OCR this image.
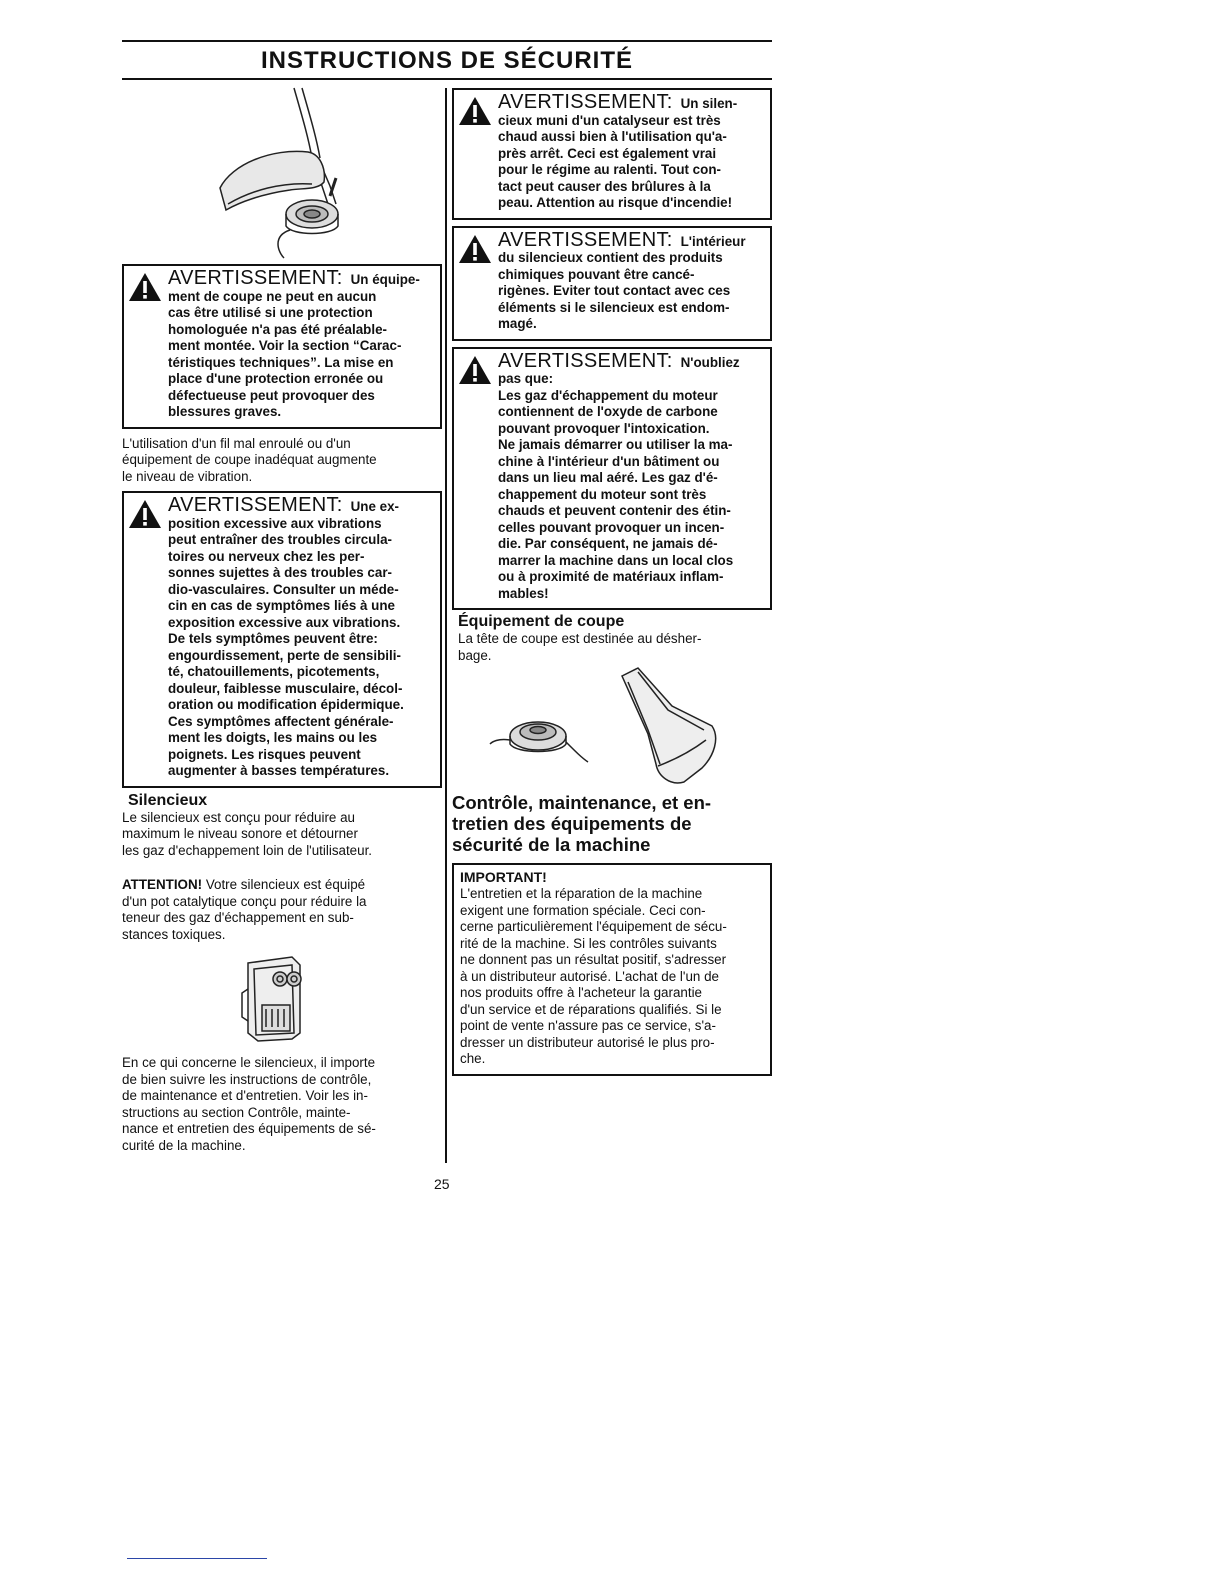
INSTRUCTIONS DE SÉCURITÉ

AVERTISSEMENT: Un équipe-

ment de coupe ne peut en aucun

cas être utilisé si une protection

homologuée n'a pas été préalable-

ment montée. Voir la section “Carac-

téristiques techniques”. La mise en

place d'une protection erronée ou

défectueuse peut provoquer des

blessures graves.

L'utilisation d'un fil mal enroulé ou d'un

équipement de coupe inadéquat augmente

le niveau de vibration.

AVERTISSEMENT: Une ex-

position excessive aux vibrations

peut entraîner des troubles circula-

toires ou nerveux chez les per-

sonnes sujettes à des troubles car-

dio-vasculaires. Consulter un méde-

cin en cas de symptômes liés à une

exposition excessive aux vibrations.

De tels symptômes peuvent être:

engourdissement, perte de sensibili-

té, chatouillements, picotements,

douleur, faiblesse musculaire, décol-

oration ou modification épidermique.

Ces symptômes affectent générale-

ment les doigts, les mains ou les

poignets. Les risques peuvent

augmenter à basses températures.

Silencieux

Le silencieux est conçu pour réduire au

maximum le niveau sonore et détourner

les gaz d'echappement loin de l'utilisateur.

ATTENTION! Votre silencieux est équipé

d'un pot catalytique conçu pour réduire la

teneur des gaz d'échappement en sub-

stances toxiques.

En ce qui concerne le silencieux, il importe

de bien suivre les instructions de contrôle,

de maintenance et d'entretien. Voir les in-

structions au section Contrôle, mainte-

nance et entretien des équipements de sé-

curité de la machine.

AVERTISSEMENT: Un silen-

cieux muni d'un catalyseur est très

chaud aussi bien à l'utilisation qu'a-

près arrêt. Ceci est également vrai

pour le régime au ralenti. Tout con-

tact peut causer des brûlures à la

peau. Attention au risque d'incendie!

AVERTISSEMENT: L'intérieur

du silencieux contient des produits

chimiques pouvant être cancé-

rigènes. Eviter tout contact avec ces

éléments si le silencieux est endom-

magé.

AVERTISSEMENT: N'oubliez

pas que:

Les gaz d'échappement du moteur

contiennent de l'oxyde de carbone

pouvant provoquer l'intoxication.

Ne jamais démarrer ou utiliser la ma-

chine à l'intérieur d'un bâtiment ou

dans un lieu mal aéré. Les gaz d'é-

chappement du moteur sont très

chauds et peuvent contenir des étin-

celles pouvant provoquer un incen-

die. Par conséquent, ne jamais dé-

marrer la machine dans un local clos

ou à proximité de matériaux inflam-

mables!

Équipement de coupe

La tête de coupe est destinée au désher-

bage.

Contrôle, maintenance, et en-

tretien des équipements de

sécurité de la machine

IMPORTANT!

L'entretien et la réparation de la machine

exigent une formation spéciale. Ceci con-

cerne particulièrement l'équipement de sécu-

rité de la machine. Si les contrôles suivants

ne donnent pas un résultat positif, s'adresser

à un distributeur autorisé. L'achat de l'un de

nos produits offre à l'acheteur la garantie

d'un service et de réparations qualifiés. Si le

point de vente n'assure pas ce service, s'a-

dresser un distributeur autorisé le plus pro-

che.

25
